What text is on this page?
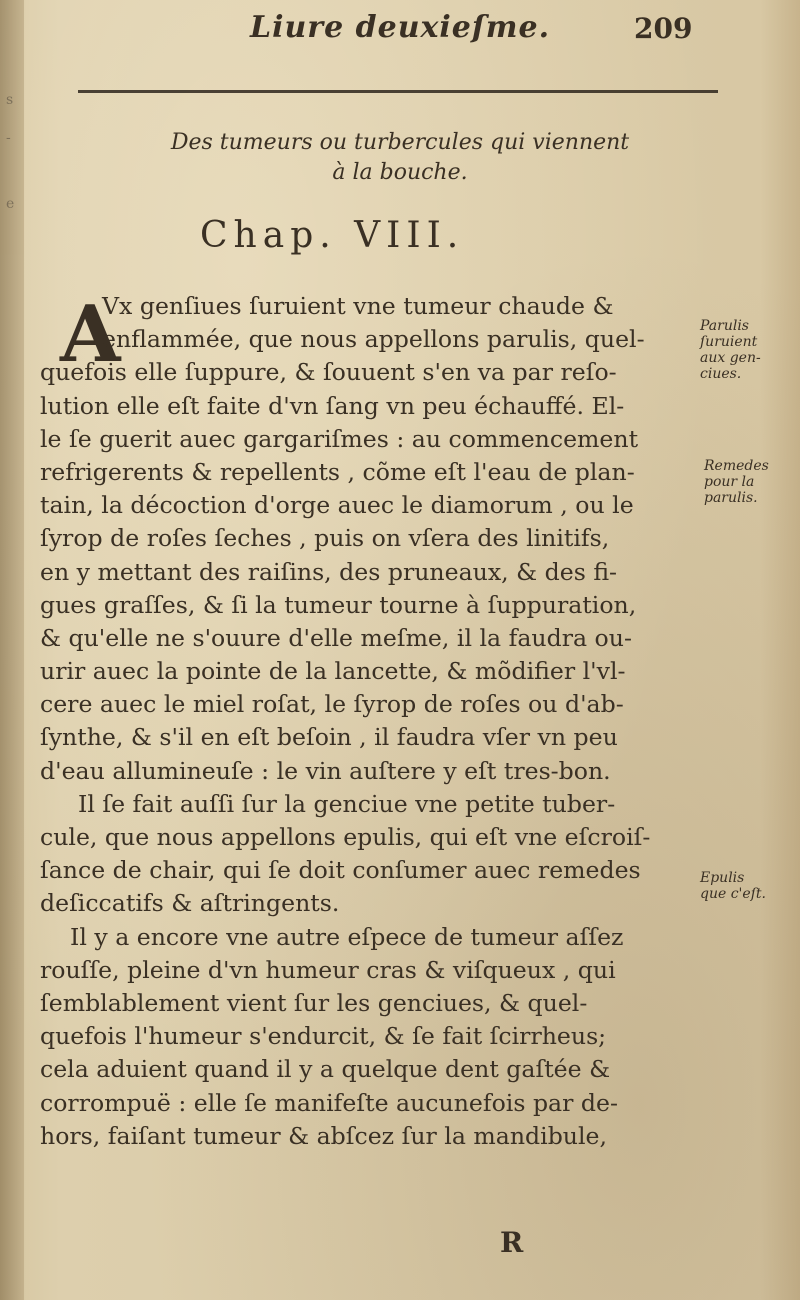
s
-
e
Liure deuxieſme.	209
Des tumeurs ou turbercules qui viennent
à la bouche.
Chap. VIII.
A
Vx genſiues ſuruient vne tumeur chaude &
enflammée, que nous appellons parulis, quel-
quefois elle ſuppure, & ſouuent s'en va par reſo-
lution elle eſt faite d'vn ſang vn peu échauffé. El-
le ſe guerit auec gargariſmes : au commencement
refrigerents & repellents , cõme eſt l'eau de plan-
tain, la décoction d'orge auec le diamorum , ou le
ſyrop de roſes ſeches , puis on vſera des linitifs,
en y mettant des raiſins, des pruneaux, & des fi-
gues graſſes, & ſi la tumeur tourne à ſuppuration,
& qu'elle ne s'ouure d'elle meſme, il la faudra ou-
urir auec la pointe de la lancette, & mõdifier l'vl-
cere auec le miel roſat, le ſyrop de roſes ou d'ab-
ſynthe, & s'il en eſt beſoin , il faudra vſer vn peu
d'eau allumineuſe : le vin auſtere y eſt tres-bon.
Il ſe fait auſſi ſur la genciue vne petite tuber-
cule, que nous appellons epulis, qui eſt vne eſcroiſ-
ſance de chair, qui ſe doit conſumer auec remedes
deſiccatifs & aſtringents.
Il y a encore vne autre eſpece de tumeur aſſez
rouſſe, pleine d'vn humeur cras & viſqueux , qui
ſemblablement vient ſur les genciues, & quel-
quefois l'humeur s'endurcit, & ſe fait ſcirrheus;
cela aduient quand il y a quelque dent gaſtée &
corrompuë : elle ſe manifeſte aucunefois par de-
hors, faiſant tumeur & abſcez ſur la mandibule,
Parulis
ſuruient
aux gen-
ciues.
Remedes
pour la
parulis.
Epulis
que c'eſt.
R
